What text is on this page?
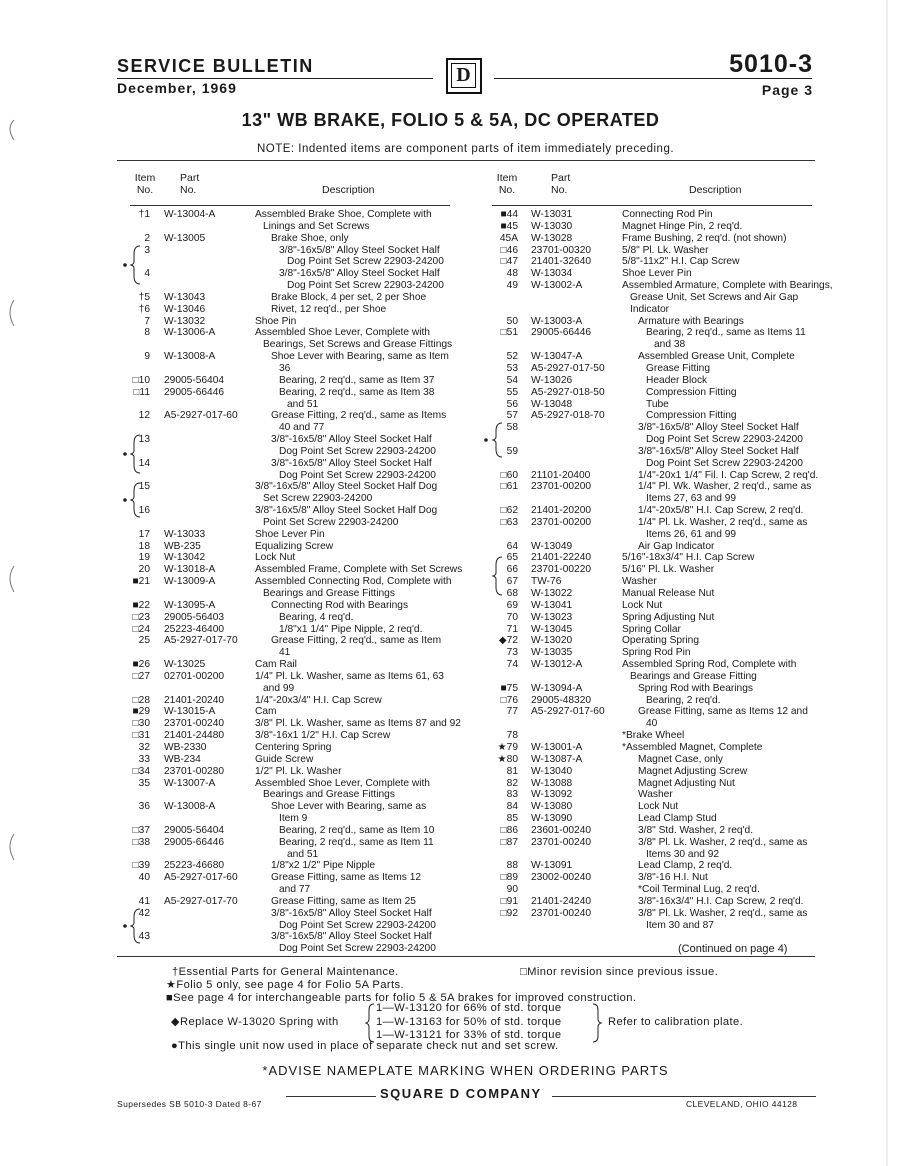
SERVICE BULLETIN
December, 1969
D	5010-3
Page 3
13" WB BRAKE, FOLIO 5 & 5A, DC OPERATED
NOTE: Indented items are component parts of item immediately preceding.
Item
No.
Part
No.	Description
Item
No.
Part
No.	Description
†1 W-13004-A	Assembled Brake Shoe, Complete with
Linings and Set Screws
2 W-13005	Brake Shoe, only
3	3/8"-16x5/8" Alloy Steel Socket Half
Dog Point Set Screw 22903-24200
4	3/8"-16x5/8" Alloy Steel Socket Half
Dog Point Set Screw 22903-24200
†5 W-13043	Brake Block, 4 per set, 2 per Shoe
†6 W-13046	Rivet, 12 req'd., per Shoe
7 W-13032	Shoe Pin
8 W-13006-A	Assembled Shoe Lever, Complete with
Bearings, Set Screws and Grease Fittings
9 W-13008-A	Shoe Lever with Bearing, same as Item
36
□10 29005-56404	Bearing, 2 req'd., same as Item 37
□11 29005-66446	Bearing, 2 req'd., same as Item 38
and 51
12 A5-2927-017-60	Grease Fitting, 2 req'd., same as Items
40 and 77
13	3/8"-16x5/8" Alloy Steel Socket Half
Dog Point Set Screw 22903-24200
14	3/8"-16x5/8" Alloy Steel Socket Half
Dog Point Set Screw 22903-24200
15	3/8"-16x5/8" Alloy Steel Socket Half Dog
Set Screw 22903-24200
16	3/8"-16x5/8" Alloy Steel Socket Half Dog
Point Set Screw 22903-24200
17 W-13033	Shoe Lever Pin
18 WB-235	Equalizing Screw
19 W-13042	Lock Nut
20 W-13018-A	Assembled Frame, Complete with Set Screws
■21 W-13009-A	Assembled Connecting Rod, Complete with
Bearings and Grease Fittings
■22 W-13095-A	Connecting Rod with Bearings
□23 29005-56403	Bearing, 4 req'd.
□24 25223-46400	1/8"x1 1/4" Pipe Nipple, 2 req'd.
25 A5-2927-017-70	Grease Fitting, 2 req'd., same as Item
41
■26 W-13025	Cam Rail
□27 02701-00200	1/4" Pl. Lk. Washer, same as Items 61, 63
and 99
□28 21401-20240	1/4"-20x3/4" H.I. Cap Screw
■29 W-13015-A	Cam
□30 23701-00240	3/8" Pl. Lk. Washer, same as Items 87 and 92
□31 21401-24480	3/8"-16x1 1/2" H.I. Cap Screw
32 WB-2330	Centering Spring
33 WB-234	Guide Screw
□34 23701-00280	1/2" Pl. Lk. Washer
35 W-13007-A	Assembled Shoe Lever, Complete with
Bearings and Grease Fittings
36 W-13008-A	Shoe Lever with Bearing, same as
Item 9
□37 29005-56404	Bearing, 2 req'd., same as Item 10
□38 29005-66446	Bearing, 2 req'd., same as Item 11
and 51
□39 25223-46680	1/8"x2 1/2" Pipe Nipple
40 A5-2927-017-60	Grease Fitting, same as Items 12
and 77
41 A5-2927-017-70	Grease Fitting, same as Item 25
42	3/8"-16x5/8" Alloy Steel Socket Half
Dog Point Set Screw 22903-24200
43	3/8"-16x5/8" Alloy Steel Socket Half
Dog Point Set Screw 22903-24200
■44 W-13031	Connecting Rod Pin
■45 W-13030	Magnet Hinge Pin, 2 req'd.
45A W-13028	Frame Bushing, 2 req'd. (not shown)
□46 23701-00320	5/8" Pl. Lk. Washer
□47 21401-32640	5/8"-11x2" H.I. Cap Screw
48 W-13034	Shoe Lever Pin
49 W-13002-A	Assembled Armature, Complete with Bearings,
Grease Unit, Set Screws and Air Gap
Indicator
50 W-13003-A	Armature with Bearings
□51 29005-66446	Bearing, 2 req'd., same as Items 11
and 38
52 W-13047-A	Assembled Grease Unit, Complete
53 A5-2927-017-50	Grease Fitting
54 W-13026	Header Block
55 A5-2927-018-50	Compression Fitting
56 W-13048	Tube
57 A5-2927-018-70	Compression Fitting
58	3/8"-16x5/8" Alloy Steel Socket Half
Dog Point Set Screw 22903-24200
59	3/8"-16x5/8" Alloy Steel Socket Half
Dog Point Set Screw 22903-24200
□60 21101-20400	1/4"-20x1 1/4" Fil. I. Cap Screw, 2 req'd.
□61 23701-00200	1/4" Pl. Wk. Washer, 2 req'd., same as
Items 27, 63 and 99
□62 21401-20200	1/4"-20x5/8" H.I. Cap Screw, 2 req'd.
□63 23701-00200	1/4" Pl. Lk. Washer, 2 req'd., same as
Items 26, 61 and 99
64 W-13049	Air Gap Indicator
65 21401-22240	5/16"-18x3/4" H.I. Cap Screw
66 23701-00220	5/16" Pl. Lk. Washer
67 TW-76	Washer
68 W-13022	Manual Release Nut
69 W-13041	Lock Nut
70 W-13023	Spring Adjusting Nut
71 W-13045	Spring Collar
◆72 W-13020	Operating Spring
73 W-13035	Spring Rod Pin
74 W-13012-A	Assembled Spring Rod, Complete with
Bearings and Grease Fitting
■75 W-13094-A	Spring Rod with Bearings
□76 29005-48320	Bearing, 2 req'd.
77 A5-2927-017-60	Grease Fitting, same as Items 12 and
40
78	*Brake Wheel
★79 W-13001-A	*Assembled Magnet, Complete
★80 W-13087-A	Magnet Case, only
81 W-13040	Magnet Adjusting Screw
82 W-13088	Magnet Adjusting Nut
83 W-13092	Washer
84 W-13080	Lock Nut
85 W-13090	Lead Clamp Stud
□86 23601-00240	3/8" Std. Washer, 2 req'd.
□87 23701-00240	3/8" Pl. Lk. Washer, 2 req'd., same as
Items 30 and 92
88 W-13091	Lead Clamp, 2 req'd.
□89 23002-00240	3/8"-16 H.I. Nut
90	*Coil Terminal Lug, 2 req'd.
□91 21401-24240	3/8"-16x3/4" H.I. Cap Screw, 2 req'd.
□92 23701-00240	3/8" Pl. Lk. Washer, 2 req'd., same as
Item 30 and 87
(Continued on page 4)
†Essential Parts for General Maintenance.	□Minor revision since previous issue.
★Folio 5 only, see page 4 for Folio 5A Parts.
■See page 4 for interchangeable parts for folio 5 & 5A brakes for improved construction.
◆Replace W-13020 Spring with
1—W-13120 for 66% of std. torque
1—W-13163 for 50% of std. torque
1—W-13121 for 33% of std. torque
Refer to calibration plate.
●This single unit now used in place of separate check nut and set screw.
*ADVISE NAMEPLATE MARKING WHEN ORDERING PARTS
SQUARE D COMPANY
Supersedes SB 5010-3 Dated 8-67	CLEVELAND, OHIO 44128
